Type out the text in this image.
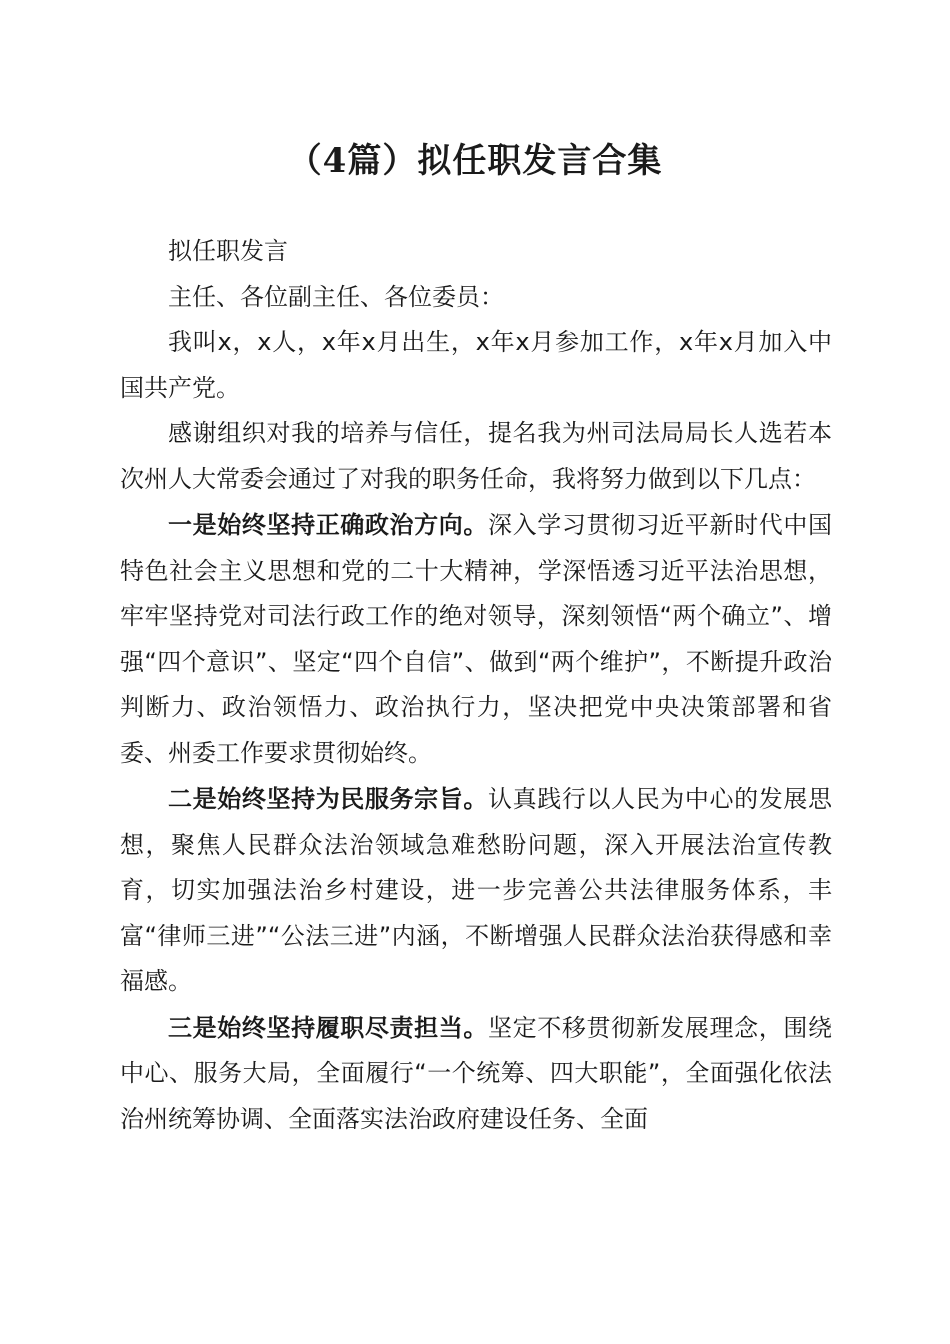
（4篇）拟任职发言合集

拟任职发言

主任、各位副主任、各位委员：

我叫x，x人，x年x月出生，x年x月参加工作，x年x月加入中国共产党。

感谢组织对我的培养与信任，提名我为州司法局局长人选若本次州人大常委会通过了对我的职务任命，我将努力做到以下几点：

一是始终坚持正确政治方向。深入学习贯彻习近平新时代中国特色社会主义思想和党的二十大精神，学深悟透习近平法治思想，牢牢坚持党对司法行政工作的绝对领导，深刻领悟“两个确立”、增强“四个意识”、坚定“四个自信”、做到“两个维护”，不断提升政治判断力、政治领悟力、政治执行力，坚决把党中央决策部署和省委、州委工作要求贯彻始终。

二是始终坚持为民服务宗旨。认真践行以人民为中心的发展思想，聚焦人民群众法治领域急难愁盼问题，深入开展法治宣传教育，切实加强法治乡村建设，进一步完善公共法律服务体系，丰富“律师三进”“公法三进”内涵，不断增强人民群众法治获得感和幸福感。

三是始终坚持履职尽责担当。坚定不移贯彻新发展理念，围绕中心、服务大局，全面履行“一个统筹、四大职能”，全面强化依法治州统筹协调、全面落实法治政府建设任务、全面
